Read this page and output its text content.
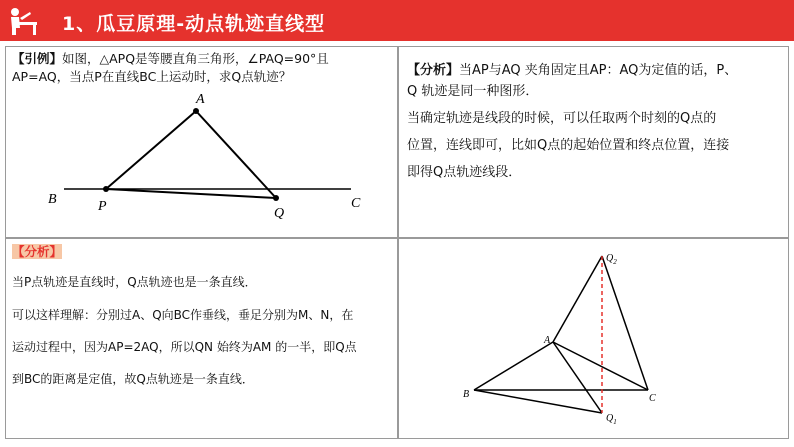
1、瓜豆原理-动点轨迹直线型
【引例】如图，△APQ是等腰直角三角形，∠PAQ=90°且
AP=AQ，当点P在直线BC上运动时，求Q点轨迹？
A
B	P	Q
C
【分析】当AP与AQ 夹角固定且AP：AQ为定值的话，P、
Q 轨迹是同一种图形．
当确定轨迹是线段的时候，可以任取两个时刻的Q点的
位置，连线即可，比如Q点的起始位置和终点位置，连接
即得Q点轨迹线段．
【分析】
当P点轨迹是直线时，Q点轨迹也是一条直线．
可以这样理解：分别过A、Q向BC作垂线，垂足分别为M、N，在
运动过程中，因为AP=2AQ，所以QN 始终为AM 的一半，即Q点
到BC的距离是定值，故Q点轨迹是一条直线．
$Q_2$
A
B	C
$Q_1$
